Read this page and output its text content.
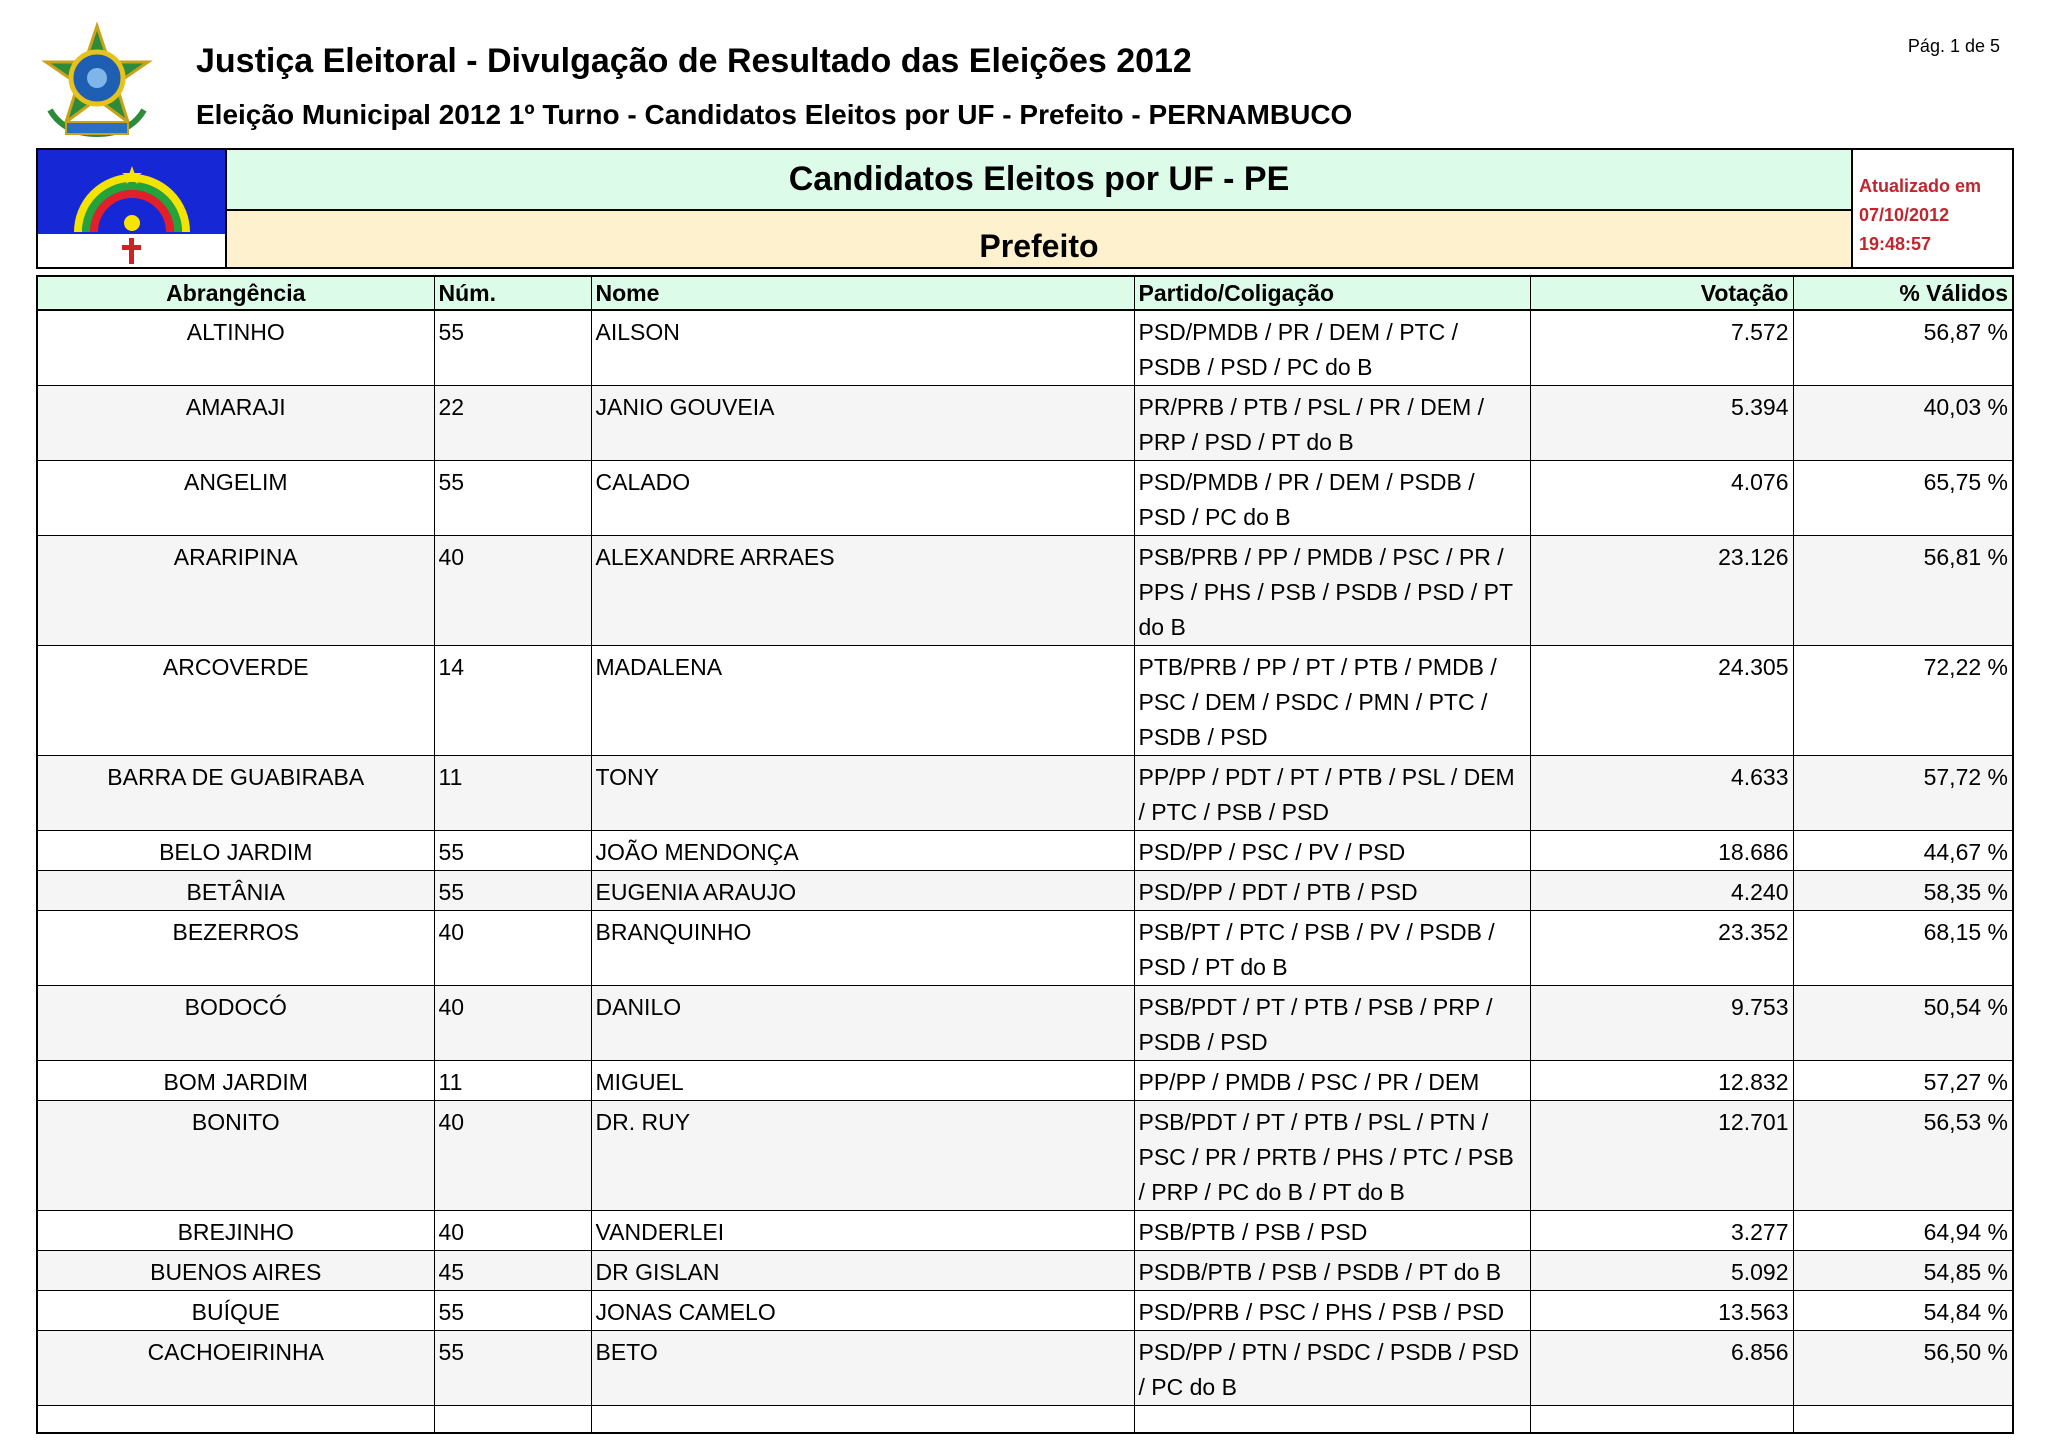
Justiça Eleitoral - Divulgação de Resultado das Eleições 2012
Eleição Municipal 2012 1º Turno - Candidatos Eleitos por UF - Prefeito - PERNAMBUCO
Pág. 1 de 5
Candidatos Eleitos por UF - PE
Prefeito
Atualizado em
07/10/2012
19:48:57
Abrangência	Núm.	Nome	Partido/Coligação	Votação	% Válidos
ALTINHO	55	AILSON	PSD/PMDB / PR / DEM / PTC /
PSDB / PSD / PC do B	7.572	56,87 %
AMARAJI	22	JANIO GOUVEIA	PR/PRB / PTB / PSL / PR / DEM /
PRP / PSD / PT do B	5.394	40,03 %
ANGELIM	55	CALADO	PSD/PMDB / PR / DEM / PSDB /
PSD / PC do B	4.076	65,75 %
ARARIPINA	40	ALEXANDRE ARRAES	PSB/PRB / PP / PMDB / PSC / PR /
PPS / PHS / PSB / PSDB / PSD / PT
do B	23.126	56,81 %
ARCOVERDE	14	MADALENA	PTB/PRB / PP / PT / PTB / PMDB /
PSC / DEM / PSDC / PMN / PTC /
PSDB / PSD	24.305	72,22 %
BARRA DE GUABIRABA	11	TONY	PP/PP / PDT / PT / PTB / PSL / DEM
/ PTC / PSB / PSD	4.633	57,72 %
BELO JARDIM	55	JOÃO MENDONÇA	PSD/PP / PSC / PV / PSD	18.686	44,67 %
BETÂNIA	55	EUGENIA ARAUJO	PSD/PP / PDT / PTB / PSD	4.240	58,35 %
BEZERROS	40	BRANQUINHO	PSB/PT / PTC / PSB / PV / PSDB /
PSD / PT do B	23.352	68,15 %
BODOCÓ	40	DANILO	PSB/PDT / PT / PTB / PSB / PRP /
PSDB / PSD	9.753	50,54 %
BOM JARDIM	11	MIGUEL	PP/PP / PMDB / PSC / PR / DEM	12.832	57,27 %
BONITO	40	DR. RUY	PSB/PDT / PT / PTB / PSL / PTN /
PSC / PR / PRTB / PHS / PTC / PSB
/ PRP / PC do B / PT do B	12.701	56,53 %
BREJINHO	40	VANDERLEI	PSB/PTB / PSB / PSD	3.277	64,94 %
BUENOS AIRES	45	DR GISLAN	PSDB/PTB / PSB / PSDB / PT do B	5.092	54,85 %
BUÍQUE	55	JONAS CAMELO	PSD/PRB / PSC / PHS / PSB / PSD	13.563	54,84 %
CACHOEIRINHA	55	BETO	PSD/PP / PTN / PSDC / PSDB / PSD
/ PC do B	6.856	56,50 %
